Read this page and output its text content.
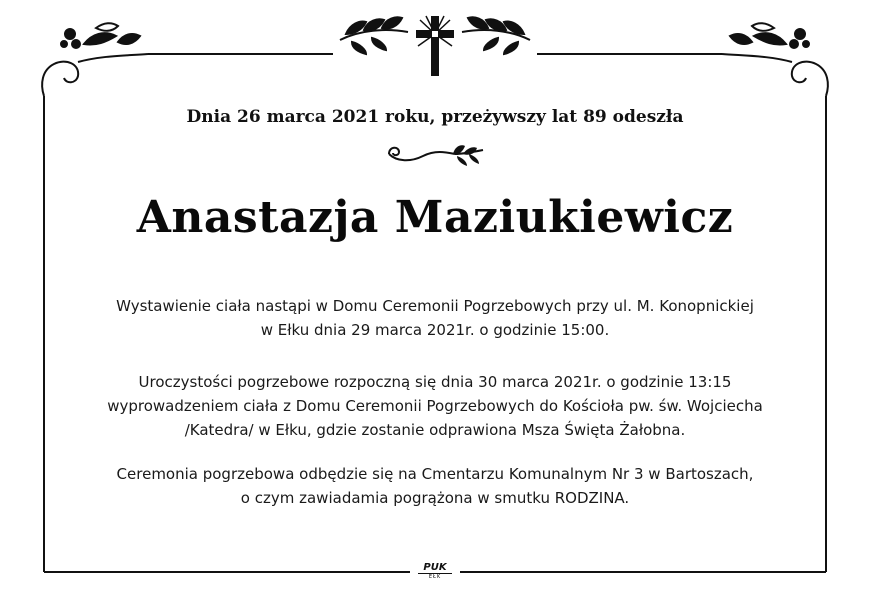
Dnia 26 marca 2021 roku, przeżywszy lat 89 odeszła
Anastazja Maziukiewicz
Wystawienie ciała nastąpi w Domu Ceremonii Pogrzebowych przy ul. M. Konopnickiej
w Ełku dnia 29 marca 2021r. o godzinie 15:00.
Uroczystości pogrzebowe rozpoczną się dnia 30 marca 2021r. o godzinie 13:15
wyprowadzeniem ciała z Domu Ceremonii Pogrzebowych do Kościoła pw. św. Wojciecha
/Katedra/ w Ełku, gdzie zostanie odprawiona Msza Święta Żałobna.
Ceremonia pogrzebowa odbędzie się na Cmentarzu Komunalnym Nr 3 w Bartoszach,
o czym zawiadamia pogrążona w smutku RODZINA.
PUK
EŁK
